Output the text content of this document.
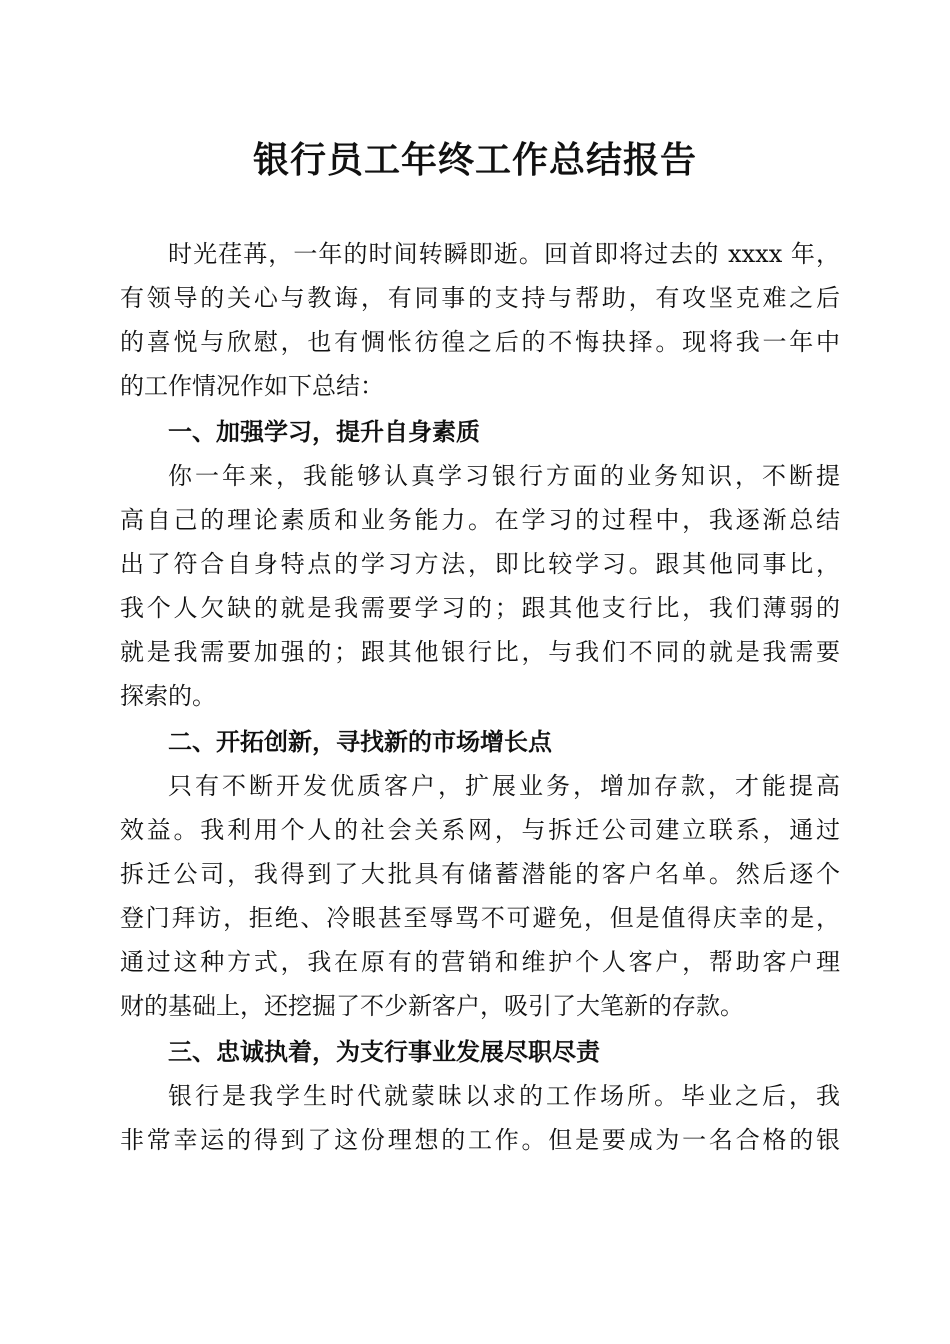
银行员工年终工作总结报告

时光荏苒，一年的时间转瞬即逝。回首即将过去的 xxxx 年，

有领导的关心与教诲，有同事的支持与帮助，有攻坚克难之后

的喜悦与欣慰，也有惆怅彷徨之后的不悔抉择。现将我一年中

的工作情况作如下总结：

一、加强学习，提升自身素质

你一年来，我能够认真学习银行方面的业务知识，不断提

高自己的理论素质和业务能力。在学习的过程中，我逐渐总结

出了符合自身特点的学习方法，即比较学习。跟其他同事比，

我个人欠缺的就是我需要学习的；跟其他支行比，我们薄弱的

就是我需要加强的；跟其他银行比，与我们不同的就是我需要

探索的。

二、开拓创新，寻找新的市场增长点

只有不断开发优质客户，扩展业务，增加存款，才能提高

效益。我利用个人的社会关系网，与拆迁公司建立联系，通过

拆迁公司，我得到了大批具有储蓄潜能的客户名单。然后逐个

登门拜访，拒绝、冷眼甚至辱骂不可避免，但是值得庆幸的是，

通过这种方式，我在原有的营销和维护个人客户，帮助客户理

财的基础上，还挖掘了不少新客户，吸引了大笔新的存款。

三、忠诚执着，为支行事业发展尽职尽责

银行是我学生时代就蒙昧以求的工作场所。毕业之后，我

非常幸运的得到了这份理想的工作。但是要成为一名合格的银
